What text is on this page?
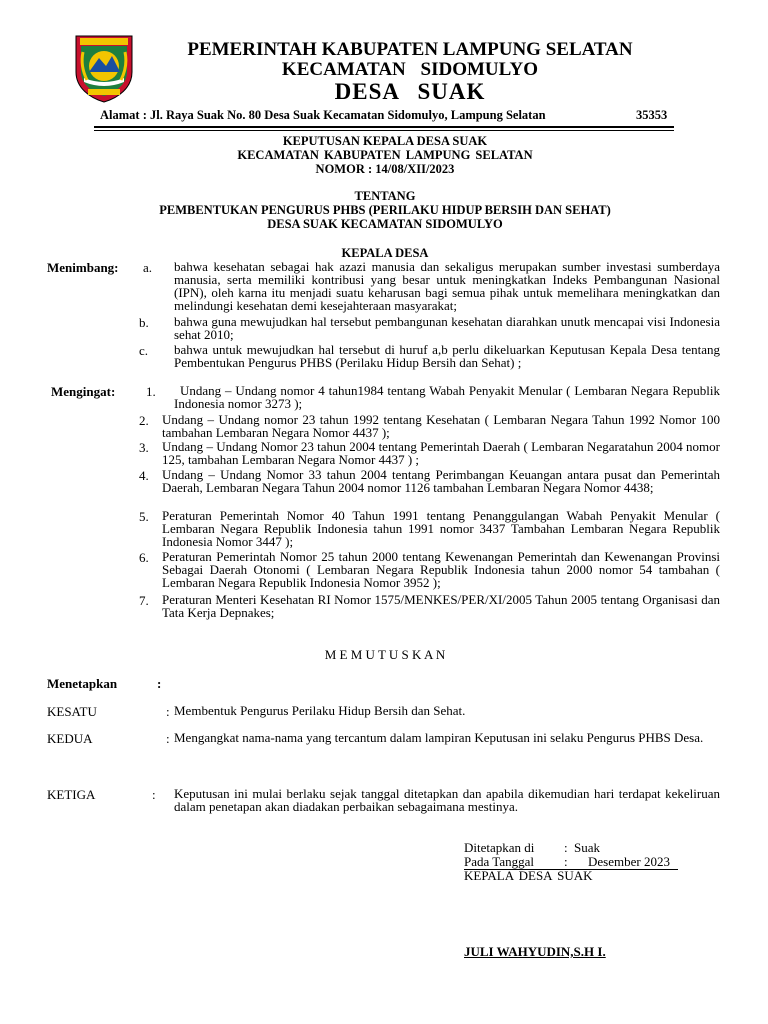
PEMERINTAH KABUPATEN LAMPUNG SELATAN
KECAMATAN SIDOMULYO
DESA SUAK
Alamat : Jl. Raya Suak No. 80 Desa Suak Kecamatan Sidomulyo, Lampung Selatan	35353
KEPUTUSAN KEPALA DESA SUAK
KECAMATAN KABUPATEN LAMPUNG SELATAN
NOMOR : 14/08/XII/2023
TENTANG
PEMBENTUKAN PENGURUS PHBS (PERILAKU HIDUP BERSIH DAN SEHAT)
DESA SUAK KECAMATAN SIDOMULYO
KEPALA DESA
Menimbang: a. bahwa kesehatan sebagai hak azazi manusia dan sekaligus merupakan sumber investasi sumberdaya manusia, serta memiliki kontribusi yang besar untuk meningkatkan Indeks Pembangunan Nasional (IPN), oleh karna itu menjadi suatu keharusan bagi semua pihak untuk memelihara meningkatkan dan melindungi kesehatan demi kesejahteraan masyarakat;
b. bahwa guna mewujudkan hal tersebut pembangunan kesehatan diarahkan unutk mencapai visi Indonesia sehat 2010;
c. bahwa untuk mewujudkan hal tersebut di huruf a,b perlu dikeluarkan Keputusan Kepala Desa tentang Pembentukan Pengurus PHBS (Perilaku Hidup Bersih dan Sehat) ;
Mengingat: 1.	Undang – Undang nomor 4 tahun1984 tentang Wabah Penyakit Menular ( Lembaran Negara Republik Indonesia nomor 3273 );
2. Undang – Undang nomor 23 tahun 1992 tentang Kesehatan ( Lembaran Negara Tahun 1992 Nomor 100 tambahan Lembaran Negara Nomor 4437 );
3. Undang – Undang Nomor 23 tahun 2004 tentang Pemerintah Daerah ( Lembaran Negaratahun 2004 nomor 125, tambahan Lembaran Negara Nomor 4437 ) ;
4. Undang – Undang Nomor 33 tahun 2004 tentang Perimbangan Keuangan antara pusat dan Pemerintah Daerah, Lembaran Negara Tahun 2004 nomor 1126 tambahan Lembaran Negara Nomor 4438;
5. Peraturan Pemerintah Nomor 40 Tahun 1991 tentang Penanggulangan Wabah Penyakit Menular ( Lembaran Negara Republik Indonesia tahun 1991 nomor 3437 Tambahan Lembaran Negara Republik Indonesia Nomor 3447 );
6. Peraturan Pemerintah Nomor 25 tahun 2000 tentang Kewenangan Pemerintah dan Kewenangan Provinsi Sebagai Daerah Otonomi ( Lembaran Negara Republik Indonesia tahun 2000 nomor 54 tambahan ( Lembaran Negara Republik Indonesia Nomor 3952 );
7. Peraturan Menteri Kesehatan RI Nomor 1575/MENKES/PER/XI/2005 Tahun 2005 tentang Organisasi dan Tata Kerja Depnakes;
M E M U T U S K A N
Menetapkan	:
KESATU	: Membentuk Pengurus Perilaku Hidup Bersih dan Sehat.
KEDUA	: Mengangkat nama-nama yang tercantum dalam lampiran Keputusan ini selaku Pengurus PHBS Desa.
KETIGA	: Keputusan ini mulai berlaku sejak tanggal ditetapkan dan apabila dikemudian hari terdapat kekeliruan dalam penetapan akan diadakan perbaikan sebagaimana mestinya.
Ditetapkan di : Suak
Pada Tanggal : Desember 2023
KEPALA DESA SUAK
JULI WAHYUDIN,S.H I.
